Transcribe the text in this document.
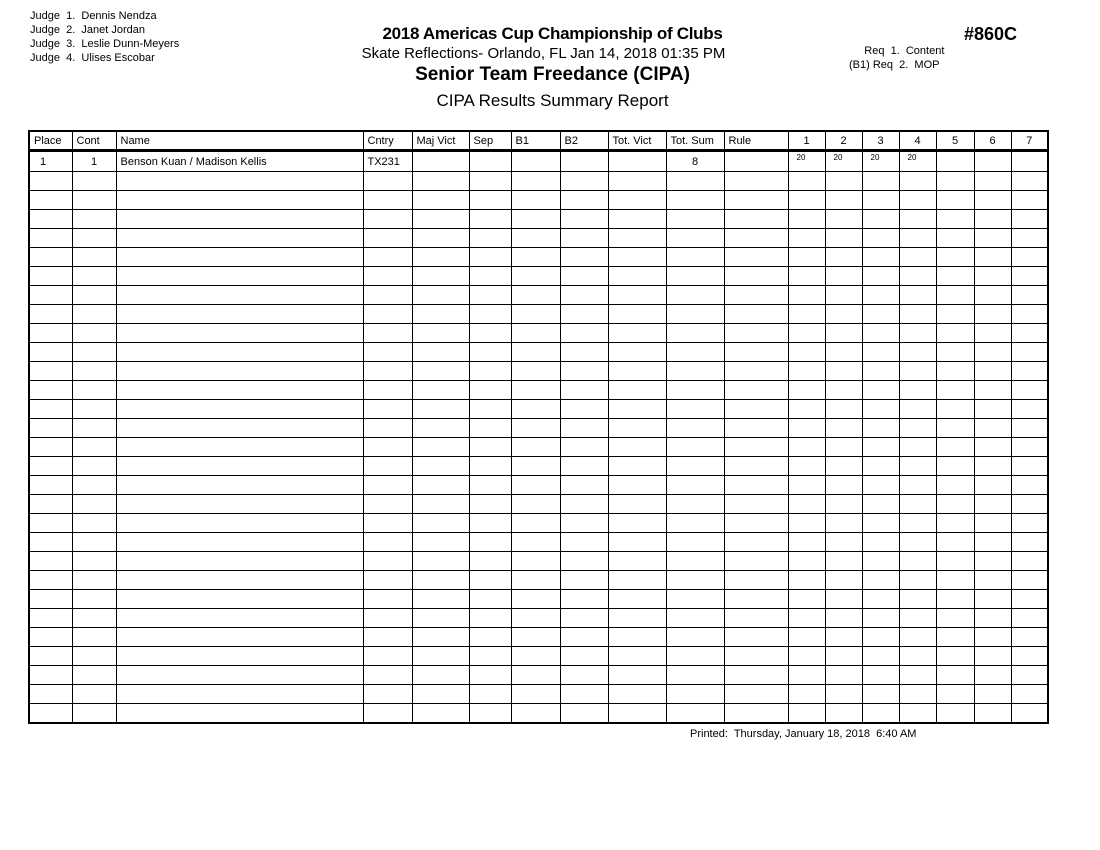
Judge  1.  Dennis Nendza
Judge  2.  Janet Jordan
Judge  3.  Leslie Dunn-Meyers
Judge  4.  Ulises Escobar
2018 Americas Cup Championship of Clubs
Skate Reflections- Orlando, FL Jan 14, 2018 01:35 PM
Senior Team Freedance (CIPA)
CIPA Results Summary Report
#860C
Req  1.  Content
(B1) Req  2.  MOP
Place	Cont	Name	Cntry	Maj Vict	Sep	B1	B2	Tot. Vict	Tot. Sum	Rule	1	2	3	4	5	6	7
1	1	Benson Kuan / Madison Kellis	TX231						8		20	20	20	20			

Printed:  Thursday, January 18, 2018  6:40 AM
